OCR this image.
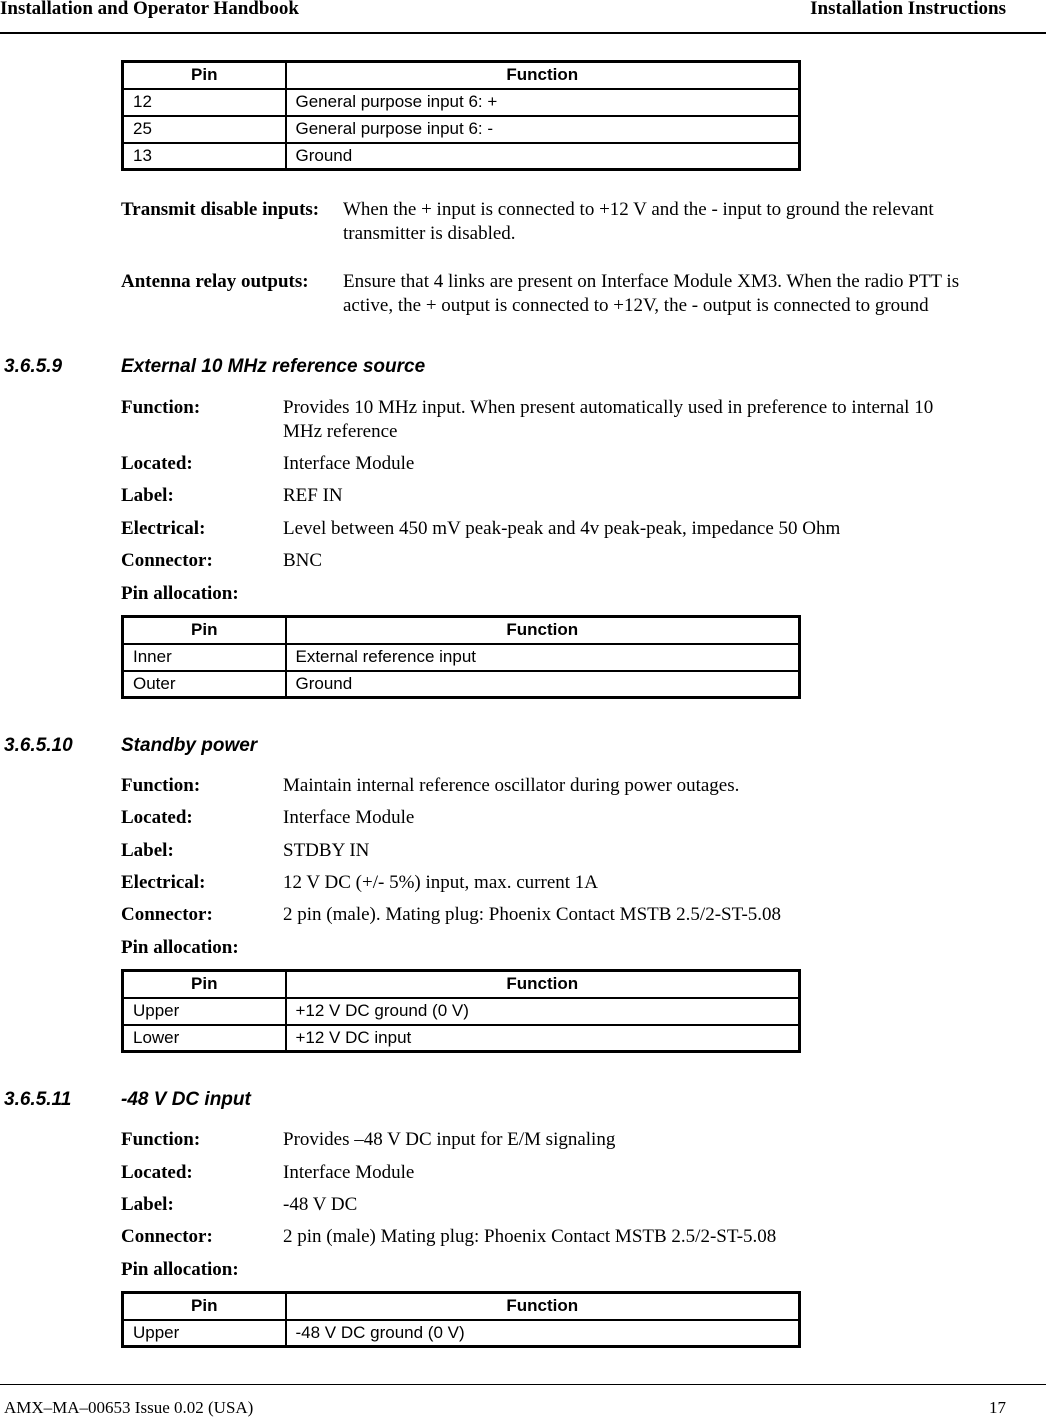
Installation and Operator Handbook	Installation Instructions
Pin	Function
12	General purpose input 6: +
25	General purpose input 6: -
13	Ground
Transmit disable inputs: When the + input is connected to +12 V and the - input to ground the relevant
transmitter is disabled.
Antenna relay outputs: Ensure that 4 links are present on Interface Module XM3. When the radio PTT is
active, the + output is connected to +12V, the - output is connected to ground
3.6.5.9	External 10 MHz reference source
Function:	Provides 10 MHz input. When present automatically used in preference to internal 10
MHz reference
Located:	Interface Module
Label:	REF IN
Electrical:	Level between 450 mV peak-peak and 4v peak-peak, impedance 50 Ohm
Connector:	BNC
Pin allocation:
Pin	Function
Inner	External reference input
Outer	Ground
3.6.5.10	Standby power
Function:	Maintain internal reference oscillator during power outages.
Located:	Interface Module
Label:	STDBY IN
Electrical:	12 V DC (+/- 5%) input, max. current 1A
Connector:	2 pin (male). Mating plug: Phoenix Contact MSTB 2.5/2-ST-5.08
Pin allocation:
Pin	Function
Upper	+12 V DC ground (0 V)
Lower	+12 V DC input
3.6.5.11	-48 V DC input
Function:	Provides –48 V DC input for E/M signaling
Located:	Interface Module
Label:	-48 V DC
Connector:	2 pin (male) Mating plug: Phoenix Contact MSTB 2.5/2-ST-5.08
Pin allocation:
Pin	Function
Upper	-48 V DC ground (0 V)
AMX–MA–00653 Issue 0.02 (USA)	17
